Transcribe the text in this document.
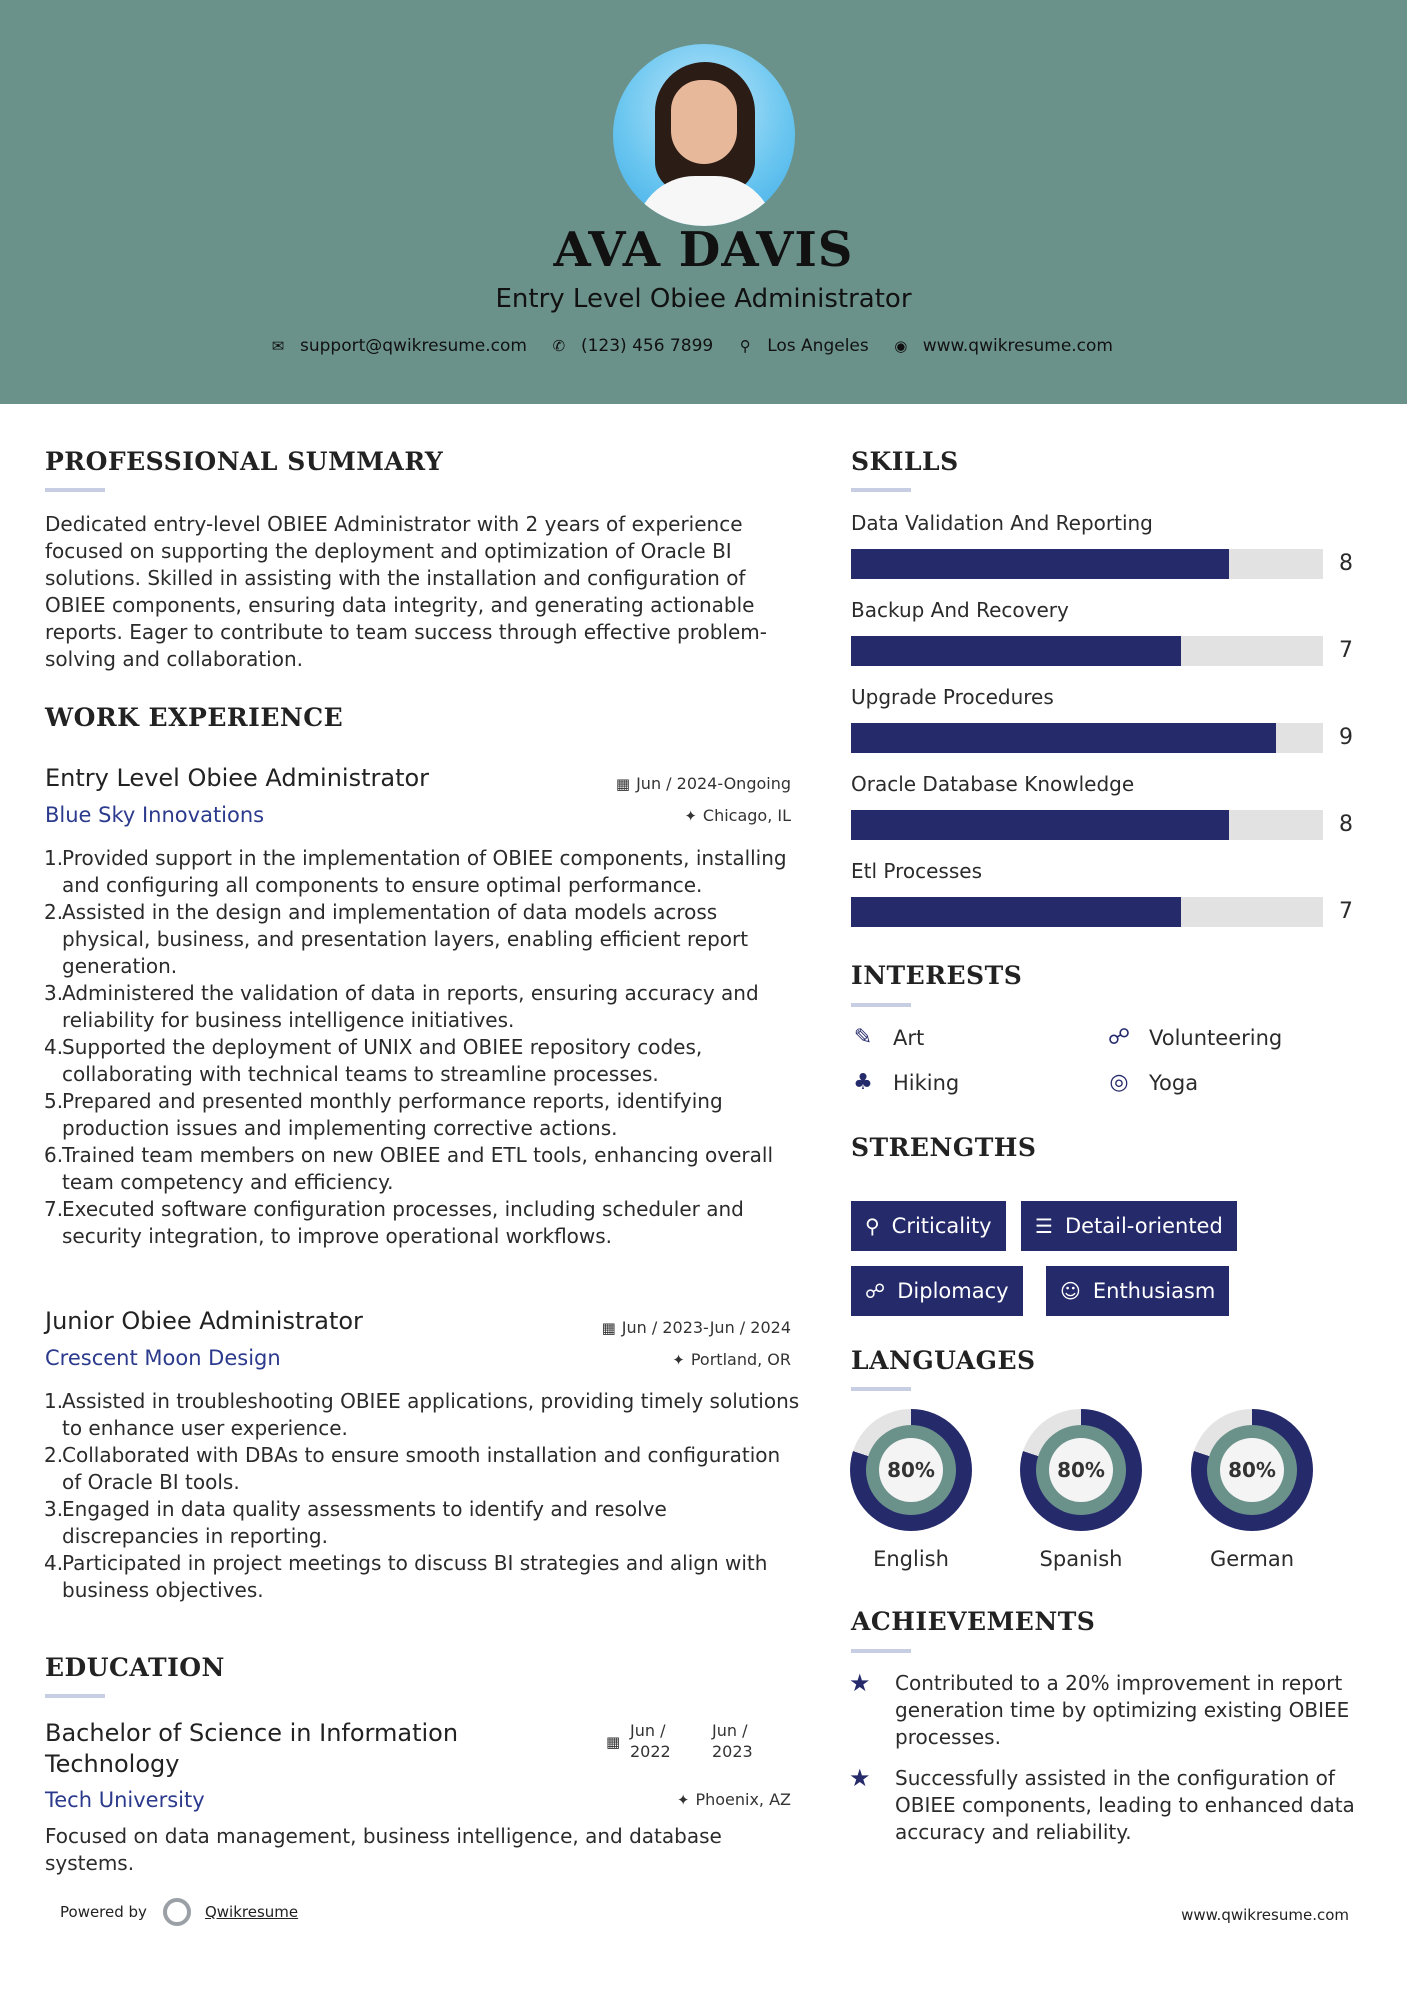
AVA DAVIS
Entry Level Obiee Administrator
✉ support@qwikresume.com ✆ (123) 456 7899 ⚲ Los Angeles ◉ www.qwikresume.com
PROFESSIONAL SUMMARY
Dedicated entry-level OBIEE Administrator with 2 years of experience focused on supporting the deployment and optimization of Oracle BI solutions. Skilled in assisting with the installation and configuration of OBIEE components, ensuring data integrity, and generating actionable reports. Eager to contribute to team success through effective problem-solving and collaboration.
WORK EXPERIENCE
Entry Level Obiee Administrator	▦ Jun / 2024-Ongoing
Blue Sky Innovations	✦ Chicago, IL
1.
Provided support in the implementation of OBIEE components, installing and configuring all components to ensure optimal performance.
2.
Assisted in the design and implementation of data models across physical, business, and presentation layers, enabling efficient report generation.
3.
Administered the validation of data in reports, ensuring accuracy and reliability for business intelligence initiatives.
4.
Supported the deployment of UNIX and OBIEE repository codes, collaborating with technical teams to streamline processes.
5.
Prepared and presented monthly performance reports, identifying production issues and implementing corrective actions.
6.
Trained team members on new OBIEE and ETL tools, enhancing overall team competency and efficiency.
7.
Executed software configuration processes, including scheduler and security integration, to improve operational workflows.
Junior Obiee Administrator	▦ Jun / 2023-Jun / 2024
Crescent Moon Design	✦ Portland, OR
1.
Assisted in troubleshooting OBIEE applications, providing timely solutions to enhance user experience.
2.
Collaborated with DBAs to ensure smooth installation and configuration of Oracle BI tools.
3.
Engaged in data quality assessments to identify and resolve discrepancies in reporting.
4.
Participated in project meetings to discuss BI strategies and align with business objectives.
EDUCATION
Bachelor of Science in Information Technology
▦
Jun / 2022
Jun / 2023
Tech University	✦ Phoenix, AZ
Focused on data management, business intelligence, and database systems.
SKILLS
Data Validation And Reporting
8
Backup And Recovery
7
Upgrade Procedures
9
Oracle Database Knowledge
8
Etl Processes
7
INTERESTS
✎ Art	☍ Volunteering
♣ Hiking	◎ Yoga
STRENGTHS
⚲ Criticality ☰ Detail-oriented
☍ Diplomacy	☺ Enthusiasm
LANGUAGES
80%
English
80%
Spanish
80%
German
ACHIEVEMENTS
★	Contributed to a 20% improvement in report generation time by optimizing existing OBIEE processes.
★	Successfully assisted in the configuration of OBIEE components, leading to enhanced data accuracy and reliability.
Powered by	Qwikresume	www.qwikresume.com
